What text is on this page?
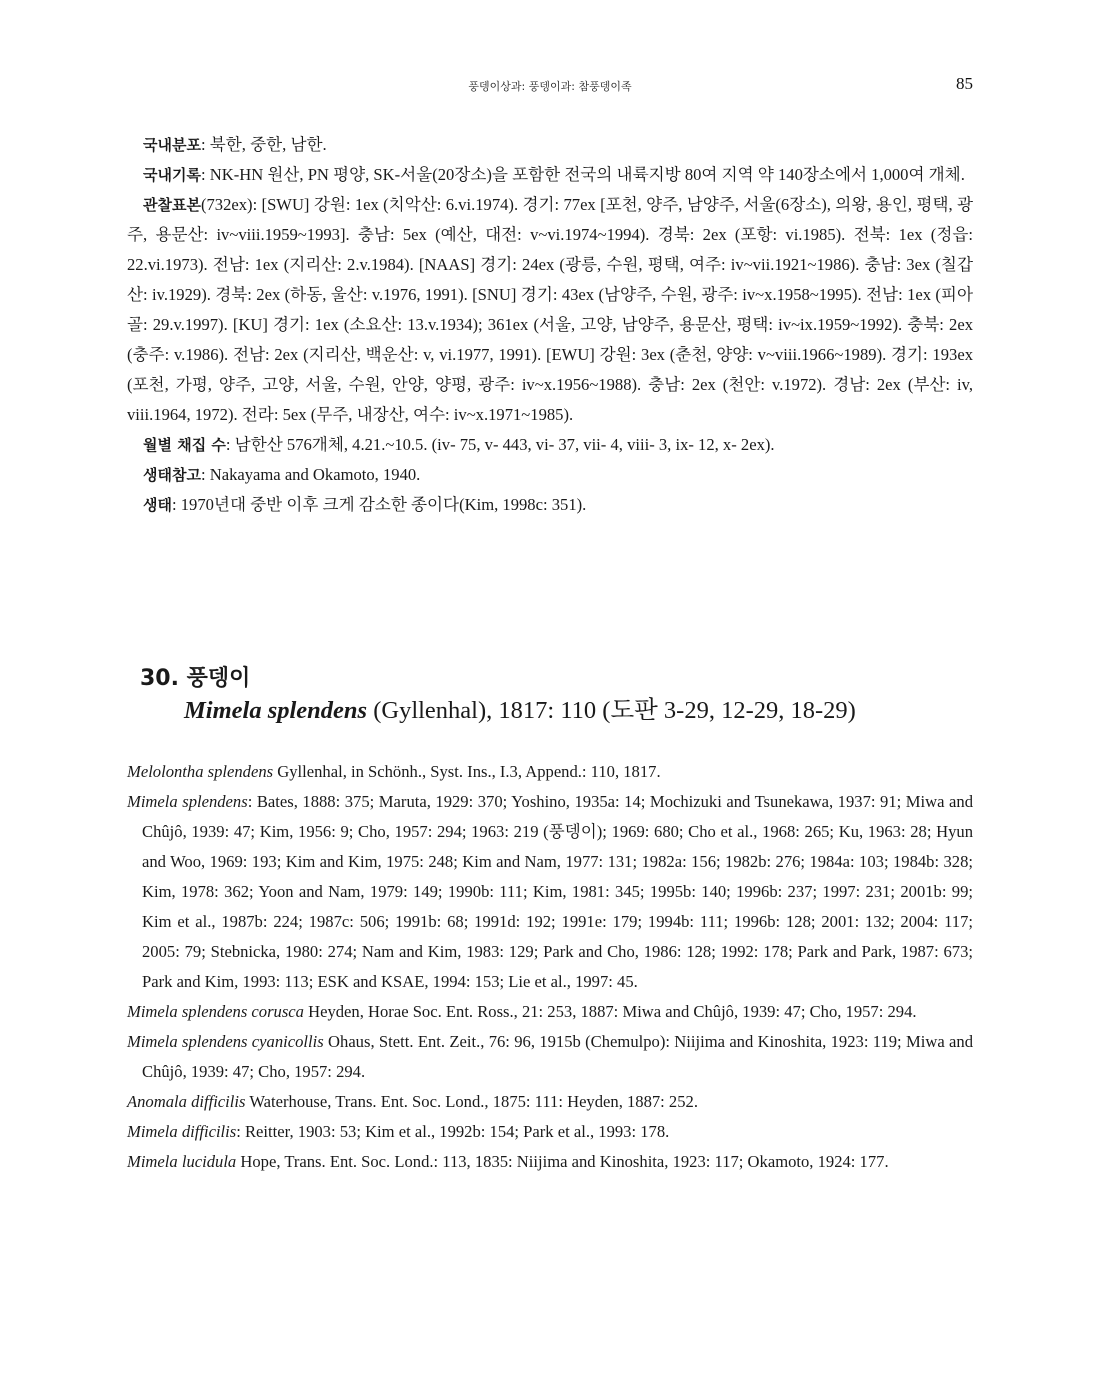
풍뎅이상과: 풍뎅이과: 참풍뎅이족	85

국내분포: 북한, 중한, 남한.

국내기록: NK-HN 원산, PN 평양, SK-서울(20장소)을 포함한 전국의 내륙지방 80여 지역 약 140장소에서 1,000여 개체.

관찰표본(732ex): [SWU] 강원: 1ex (치악산: 6.vi.1974). 경기: 77ex [포천, 양주, 남양주, 서울(6장소), 의왕, 용인, 평택, 광주, 용문산: iv~viii.1959~1993]. 충남: 5ex (예산, 대전: v~vi.1974~1994). 경북: 2ex (포항: vi.1985). 전북: 1ex (정읍: 22.vi.1973). 전남: 1ex (지리산: 2.v.1984). [NAAS] 경기: 24ex (광릉, 수원, 평택, 여주: iv~vii.1921~1986). 충남: 3ex (칠갑산: iv.1929). 경북: 2ex (하동, 울산: v.1976, 1991). [SNU] 경기: 43ex (남양주, 수원, 광주: iv~x.1958~1995). 전남: 1ex (피아골: 29.v.1997). [KU] 경기: 1ex (소요산: 13.v.1934); 361ex (서울, 고양, 남양주, 용문산, 평택: iv~ix.1959~1992). 충북: 2ex (충주: v.1986). 전남: 2ex (지리산, 백운산: v, vi.1977, 1991). [EWU] 강원: 3ex (춘천, 양양: v~viii.1966~1989). 경기: 193ex (포천, 가평, 양주, 고양, 서울, 수원, 안양, 양평, 광주: iv~x.1956~1988). 충남: 2ex (천안: v.1972). 경남: 2ex (부산: iv, viii.1964, 1972). 전라: 5ex (무주, 내장산, 여수: iv~x.1971~1985).

월별 채집 수: 남한산 576개체, 4.21.~10.5. (iv- 75, v- 443, vi- 37, vii- 4, viii- 3, ix- 12, x- 2ex).

생태참고: Nakayama and Okamoto, 1940.

생태: 1970년대 중반 이후 크게 감소한 종이다(Kim, 1998c: 351).

30. 풍뎅이
Mimela splendens (Gyllenhal), 1817: 110 (도판 3-29, 12-29, 18-29)

Melolontha splendens Gyllenhal, in Schönh., Syst. Ins., I.3, Append.: 110, 1817.

Mimela splendens: Bates, 1888: 375; Maruta, 1929: 370; Yoshino, 1935a: 14; Mochizuki and Tsunekawa, 1937: 91; Miwa and Chûjô, 1939: 47; Kim, 1956: 9; Cho, 1957: 294; 1963: 219 (풍뎅이); 1969: 680; Cho et al., 1968: 265; Ku, 1963: 28; Hyun and Woo, 1969: 193; Kim and Kim, 1975: 248; Kim and Nam, 1977: 131; 1982a: 156; 1982b: 276; 1984a: 103; 1984b: 328; Kim, 1978: 362; Yoon and Nam, 1979: 149; 1990b: 111; Kim, 1981: 345; 1995b: 140; 1996b: 237; 1997: 231; 2001b: 99; Kim et al., 1987b: 224; 1987c: 506; 1991b: 68; 1991d: 192; 1991e: 179; 1994b: 111; 1996b: 128; 2001: 132; 2004: 117; 2005: 79; Stebnicka, 1980: 274; Nam and Kim, 1983: 129; Park and Cho, 1986: 128; 1992: 178; Park and Park, 1987: 673; Park and Kim, 1993: 113; ESK and KSAE, 1994: 153; Lie et al., 1997: 45.

Mimela splendens corusca Heyden, Horae Soc. Ent. Ross., 21: 253, 1887: Miwa and Chûjô, 1939: 47; Cho, 1957: 294.

Mimela splendens cyanicollis Ohaus, Stett. Ent. Zeit., 76: 96, 1915b (Chemulpo): Niijima and Kinoshita, 1923: 119; Miwa and Chûjô, 1939: 47; Cho, 1957: 294.

Anomala difficilis Waterhouse, Trans. Ent. Soc. Lond., 1875: 111: Heyden, 1887: 252.

Mimela difficilis: Reitter, 1903: 53; Kim et al., 1992b: 154; Park et al., 1993: 178.

Mimela lucidula Hope, Trans. Ent. Soc. Lond.: 113, 1835: Niijima and Kinoshita, 1923: 117; Okamoto, 1924: 177.
